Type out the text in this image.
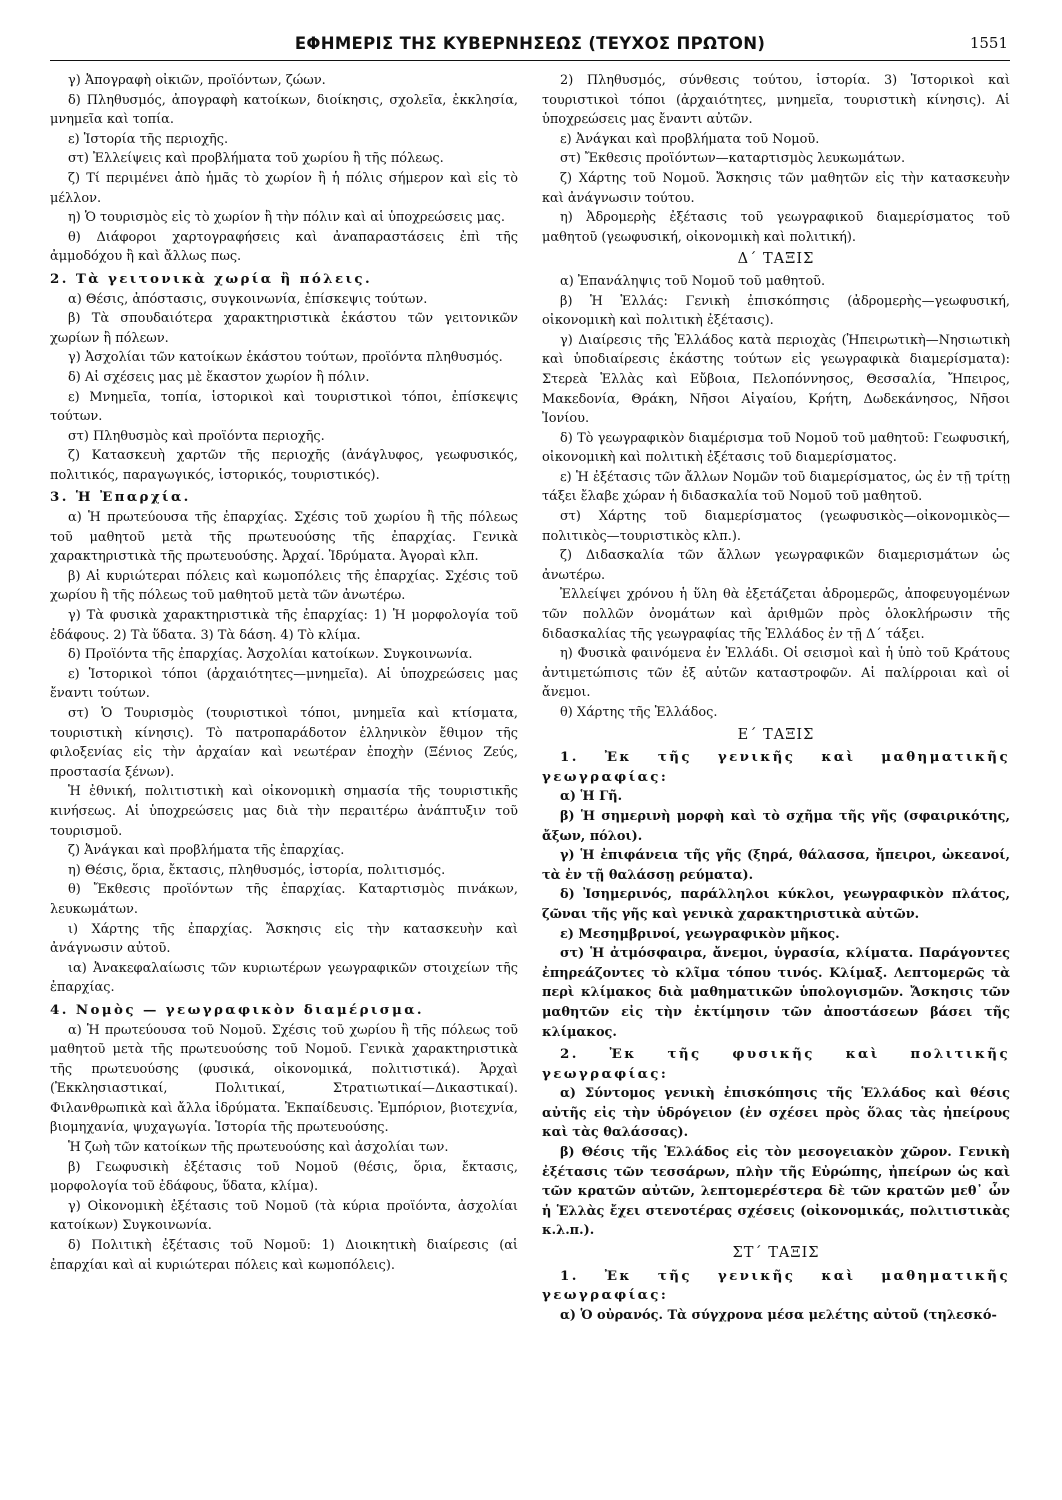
ΕΦΗΜΕΡΙΣ ΤΗΣ ΚΥΒΕΡΝΗΣΕΩΣ (ΤΕΥΧΟΣ ΠΡΩΤΟΝ)	1551

γ) Ἀπογραφὴ οἰκιῶν, προϊόντων, ζώων.

δ) Πληθυσμός, ἀπογραφὴ κατοίκων, διοίκησις, σχολεῖα, ἐκκλησία, μνημεῖα καὶ τοπία.

ε) Ἱστορία τῆς περιοχῆς.

στ) Ἐλλείψεις καὶ προβλήματα τοῦ χωρίου ἢ τῆς πόλεως.

ζ) Τί περιμένει ἀπὸ ἡμᾶς τὸ χωρίον ἢ ἡ πόλις σήμερον καὶ εἰς τὸ μέλλον.

η) Ὁ τουρισμὸς εἰς τὸ χωρίον ἢ τὴν πόλιν καὶ αἱ ὑποχρεώσεις μας.

θ) Διάφοροι χαρτογραφήσεις καὶ ἀναπαραστάσεις ἐπὶ τῆς ἀμμοδόχου ἢ καὶ ἄλλως πως.

2. Τὰ γειτονικὰ χωρία ἢ πόλεις.

α) Θέσις, ἀπόστασις, συγκοινωνία, ἐπίσκεψις τούτων.

β) Τὰ σπουδαιότερα χαρακτηριστικὰ ἑκάστου τῶν γειτονικῶν χωρίων ἢ πόλεων.

γ) Ἀσχολίαι τῶν κατοίκων ἑκάστου τούτων, προϊόντα πληθυσμός.

δ) Αἱ σχέσεις μας μὲ ἕκαστον χωρίον ἢ πόλιν.

ε) Μνημεῖα, τοπία, ἱστορικοὶ καὶ τουριστικοὶ τόποι, ἐπίσκεψις τούτων.

στ) Πληθυσμὸς καὶ προϊόντα περιοχῆς.

ζ) Κατασκευὴ χαρτῶν τῆς περιοχῆς (ἀνάγλυφος, γεωφυσικός, πολιτικός, παραγωγικός, ἱστορικός, τουριστικός).

3. Ἡ Ἐπαρχία.

α) Ἡ πρωτεύουσα τῆς ἐπαρχίας. Σχέσις τοῦ χωρίου ἢ τῆς πόλεως τοῦ μαθητοῦ μετὰ τῆς πρωτευούσης τῆς ἐπαρχίας. Γενικὰ χαρακτηριστικὰ τῆς πρωτευούσης. Ἀρχαί. Ἱδρύματα. Ἀγοραὶ κλπ.

β) Αἱ κυριώτεραι πόλεις καὶ κωμοπόλεις τῆς ἐπαρχίας. Σχέσις τοῦ χωρίου ἢ τῆς πόλεως τοῦ μαθητοῦ μετὰ τῶν ἀνωτέρω.

γ) Τὰ φυσικὰ χαρακτηριστικὰ τῆς ἐπαρχίας: 1) Ἡ μορφολογία τοῦ ἐδάφους. 2) Τὰ ὕδατα. 3) Τὰ δάση. 4) Τὸ κλίμα.

δ) Προϊόντα τῆς ἐπαρχίας. Ἀσχολίαι κατοίκων. Συγκοινωνία.

ε) Ἱστορικοὶ τόποι (ἀρχαιότητες—μνημεῖα). Αἱ ὑποχρεώσεις μας ἔναντι τούτων.

στ) Ὁ Τουρισμὸς (τουριστικοὶ τόποι, μνημεῖα καὶ κτίσματα, τουριστικὴ κίνησις). Τὸ πατροπαράδοτον ἑλληνικὸν ἔθιμον τῆς φιλοξενίας εἰς τὴν ἀρχαίαν καὶ νεωτέραν ἐποχὴν (Ξένιος Ζεύς, προστασία ξένων).

Ἡ ἐθνική, πολιτιστικὴ καὶ οἰκονομικὴ σημασία τῆς τουριστικῆς κινήσεως. Αἱ ὑποχρεώσεις μας διὰ τὴν περαιτέρω ἀνάπτυξιν τοῦ τουρισμοῦ.

ζ) Ἀνάγκαι καὶ προβλήματα τῆς ἐπαρχίας.

η) Θέσις, ὅρια, ἔκτασις, πληθυσμός, ἱστορία, πολιτισμός.

θ) Ἔκθεσις προϊόντων τῆς ἐπαρχίας. Καταρτισμὸς πινάκων, λευκωμάτων.

ι) Χάρτης τῆς ἐπαρχίας. Ἄσκησις εἰς τὴν κατασκευὴν καὶ ἀνάγνωσιν αὐτοῦ.

ια) Ἀνακεφαλαίωσις τῶν κυριωτέρων γεωγραφικῶν στοιχείων τῆς ἐπαρχίας.

4. Νομὸς — γεωγραφικὸν διαμέρισμα.

α) Ἡ πρωτεύουσα τοῦ Νομοῦ. Σχέσις τοῦ χωρίου ἢ τῆς πόλεως τοῦ μαθητοῦ μετὰ τῆς πρωτευούσης τοῦ Νομοῦ. Γενικὰ χαρακτηριστικὰ τῆς πρωτευούσης (φυσικά, οἰκονομικά, πολιτιστικά). Ἀρχαὶ (Ἐκκλησιαστικαί, Πολιτικαί, Στρατιωτικαί—Δικαστικαί). Φιλανθρωπικὰ καὶ ἄλλα ἱδρύματα. Ἐκπαίδευσις. Ἐμπόριον, βιοτεχνία, βιομηχανία, ψυχαγωγία. Ἱστορία τῆς πρωτευούσης.

Ἡ ζωὴ τῶν κατοίκων τῆς πρωτευούσης καὶ ἀσχολίαι των.

β) Γεωφυσικὴ ἐξέτασις τοῦ Νομοῦ (θέσις, ὅρια, ἔκτασις, μορφολογία τοῦ ἐδάφους, ὕδατα, κλίμα).

γ) Οἰκονομικὴ ἐξέτασις τοῦ Νομοῦ (τὰ κύρια προϊόντα, ἀσχολίαι κατοίκων) Συγκοινωνία.

δ) Πολιτικὴ ἐξέτασις τοῦ Νομοῦ: 1) Διοικητικὴ διαίρεσις (αἱ ἐπαρχίαι καὶ αἱ κυριώτεραι πόλεις καὶ κωμοπόλεις).

2) Πληθυσμός, σύνθεσις τούτου, ἱστορία. 3) Ἱστορικοὶ καὶ τουριστικοὶ τόποι (ἀρχαιότητες, μνημεῖα, τουριστικὴ κίνησις). Αἱ ὑποχρεώσεις μας ἔναντι αὐτῶν.

ε) Ἀνάγκαι καὶ προβλήματα τοῦ Νομοῦ.

στ) Ἔκθεσις προϊόντων—καταρτισμὸς λευκωμάτων.

ζ) Χάρτης τοῦ Νομοῦ. Ἄσκησις τῶν μαθητῶν εἰς τὴν κατασκευὴν καὶ ἀνάγνωσιν τούτου.

η) Ἀδρομερὴς ἐξέτασις τοῦ γεωγραφικοῦ διαμερίσματος τοῦ μαθητοῦ (γεωφυσική, οἰκονομικὴ καὶ πολιτική).

Δ΄ ΤΑΞΙΣ

α) Ἐπανάληψις τοῦ Νομοῦ τοῦ μαθητοῦ.

β) Ἡ Ἑλλάς: Γενικὴ ἐπισκόπησις (ἀδρομερὴς—γεωφυσική, οἰκονομικὴ καὶ πολιτικὴ ἐξέτασις).

γ) Διαίρεσις τῆς Ἑλλάδος κατὰ περιοχὰς (Ἠπειρωτικὴ—Νησιωτικὴ καὶ ὑποδιαίρεσις ἑκάστης τούτων εἰς γεωγραφικὰ διαμερίσματα): Στερεὰ Ἑλλὰς καὶ Εὔβοια, Πελοπόννησος, Θεσσαλία, Ἤπειρος, Μακεδονία, Θράκη, Νῆσοι Αἰγαίου, Κρήτη, Δωδεκάνησος, Νῆσοι Ἰονίου.

δ) Τὸ γεωγραφικὸν διαμέρισμα τοῦ Νομοῦ τοῦ μαθητοῦ: Γεωφυσική, οἰκονομικὴ καὶ πολιτικὴ ἐξέτασις τοῦ διαμερίσματος.

ε) Ἡ ἐξέτασις τῶν ἄλλων Νομῶν τοῦ διαμερίσματος, ὡς ἐν τῇ τρίτῃ τάξει ἔλαβε χώραν ἡ διδασκαλία τοῦ Νομοῦ τοῦ μαθητοῦ.

στ) Χάρτης τοῦ διαμερίσματος (γεωφυσικὸς—οἰκονομικὸς—πολιτικὸς—τουριστικὸς κλπ.).

ζ) Διδασκαλία τῶν ἄλλων γεωγραφικῶν διαμερισμάτων ὡς ἀνωτέρω.

Ἐλλείψει χρόνου ἡ ὕλη θὰ ἐξετάζεται ἀδρομερῶς, ἀποφευγομένων τῶν πολλῶν ὀνομάτων καὶ ἀριθμῶν πρὸς ὁλοκλήρωσιν τῆς διδασκαλίας τῆς γεωγραφίας τῆς Ἑλλάδος ἐν τῇ Δ΄ τάξει.

η) Φυσικὰ φαινόμενα ἐν Ἑλλάδι. Οἱ σεισμοὶ καὶ ἡ ὑπὸ τοῦ Κράτους ἀντιμετώπισις τῶν ἐξ αὐτῶν καταστροφῶν. Αἱ παλίρροιαι καὶ οἱ ἄνεμοι.

θ) Χάρτης τῆς Ἑλλάδος.

Ε΄ ΤΑΞΙΣ

1. Ἐκ τῆς γενικῆς καὶ μαθηματικῆς γεωγραφίας:

α) Ἡ Γῆ.

β) Ἡ σημερινὴ μορφὴ καὶ τὸ σχῆμα τῆς γῆς (σφαιρικότης, ἄξων, πόλοι).

γ) Ἡ ἐπιφάνεια τῆς γῆς (ξηρά, θάλασσα, ἤπειροι, ὠκεανοί, τὰ ἐν τῇ θαλάσσῃ ρεύματα).

δ) Ἰσημερινός, παράλληλοι κύκλοι, γεωγραφικὸν πλάτος, ζῶναι τῆς γῆς καὶ γενικὰ χαρακτηριστικὰ αὐτῶν.

ε) Μεσημβρινοί, γεωγραφικὸν μῆκος.

στ) Ἡ ἀτμόσφαιρα, ἄνεμοι, ὑγρασία, κλίματα. Παράγοντες ἐπηρεάζοντες τὸ κλῖμα τόπου τινός. Κλίμαξ. Λεπτομερῶς τὰ περὶ κλίμακος διὰ μαθηματικῶν ὑπολογισμῶν. Ἄσκησις τῶν μαθητῶν εἰς τὴν ἐκτίμησιν τῶν ἀποστάσεων βάσει τῆς κλίμακος.

2. Ἐκ τῆς φυσικῆς καὶ πολιτικῆς γεωγραφίας:

α) Σύντομος γενικὴ ἐπισκόπησις τῆς Ἑλλάδος καὶ θέσις αὐτῆς εἰς τὴν ὑδρόγειον (ἐν σχέσει πρὸς ὅλας τὰς ἠπείρους καὶ τὰς θαλάσσας).

β) Θέσις τῆς Ἑλλάδος εἰς τὸν μεσογειακὸν χῶρον. Γενικὴ ἐξέτασις τῶν τεσσάρων, πλὴν τῆς Εὐρώπης, ἠπείρων ὡς καὶ τῶν κρατῶν αὐτῶν, λεπτομερέστερα δὲ τῶν κρατῶν μεθ᾽ ὧν ἡ Ἑλλὰς ἔχει στενοτέρας σχέσεις (οἰκονομικάς, πολιτιστικὰς κ.λ.π.).

ΣΤ΄ ΤΑΞΙΣ

1. Ἐκ τῆς γενικῆς καὶ μαθηματικῆς γεωγραφίας:

α) Ὁ οὐρανός. Τὰ σύγχρονα μέσα μελέτης αὐτοῦ (τηλεσκό-
